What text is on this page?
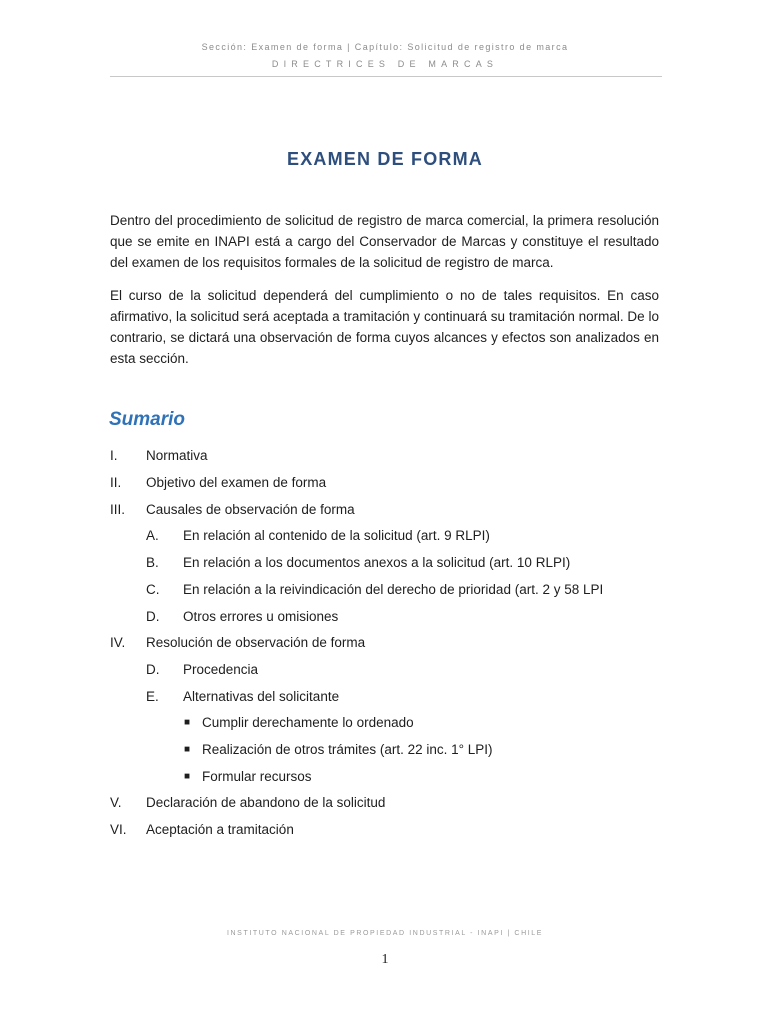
Sección: Examen de forma | Capítulo: Solicitud de registro de marca
DIRECTRICES DE MARCAS
EXAMEN DE FORMA

Dentro del procedimiento de solicitud de registro de marca comercial, la primera resolución que se emite en INAPI está a cargo del Conservador de Marcas y constituye el resultado del examen de los requisitos formales de la solicitud de registro de marca.

El curso de la solicitud dependerá del cumplimiento o no de tales requisitos. En caso afirmativo, la solicitud será aceptada a tramitación y continuará su tramitación normal. De lo contrario, se dictará una observación de forma cuyos alcances y efectos son analizados en esta sección.

Sumario
I. Normativa
II. Objetivo del examen de forma
III. Causales de observación de forma
A. En relación al contenido de la solicitud (art. 9 RLPI)
B. En relación a los documentos anexos a la solicitud (art. 10 RLPI)
C. En relación a la reivindicación del derecho de prioridad (art. 2 y 58 LPI
D. Otros errores u omisiones
IV. Resolución de observación de forma
D. Procedencia
E. Alternativas del solicitante
■ Cumplir derechamente lo ordenado
■ Realización de otros trámites (art. 22 inc. 1° LPI)
■ Formular recursos
V. Declaración de abandono de la solicitud
VI. Aceptación a tramitación
INSTITUTO NACIONAL DE PROPIEDAD INDUSTRIAL - INAPI | CHILE
1
